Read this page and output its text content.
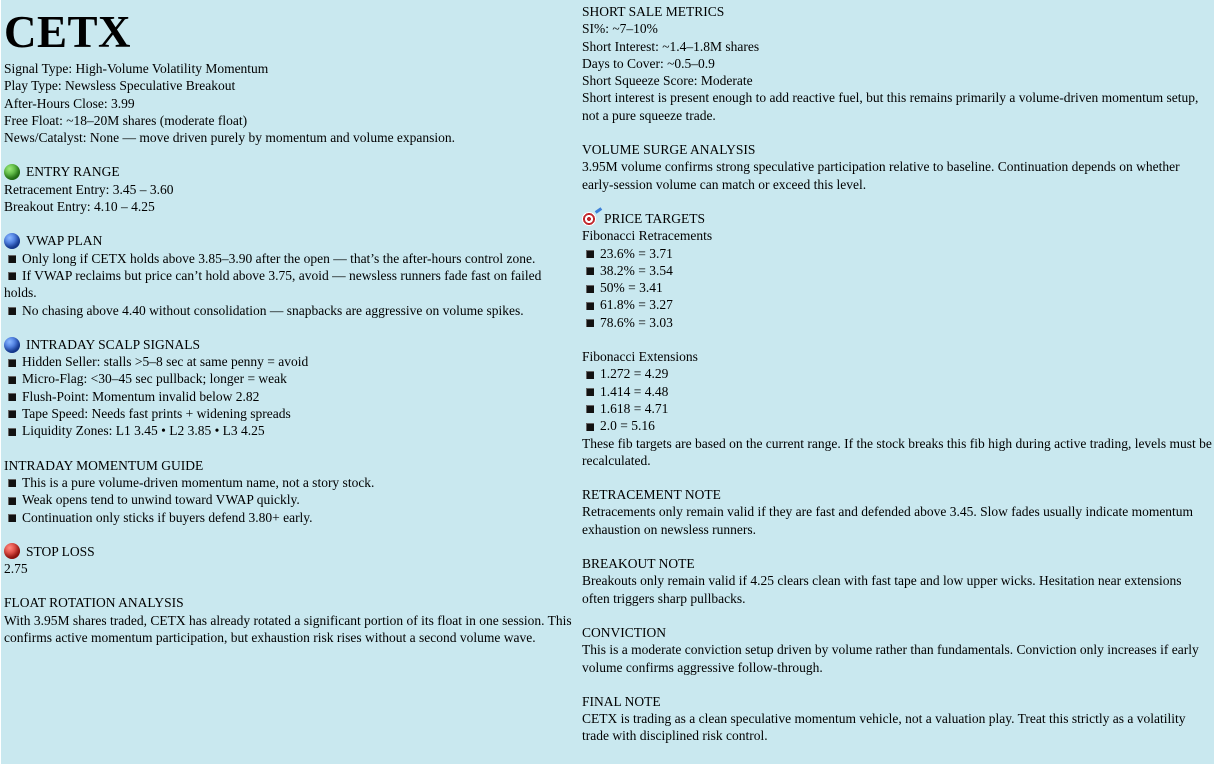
CETX
Signal Type: High-Volume Volatility Momentum
Play Type: Newsless Speculative Breakout
After-Hours Close: 3.99
Free Float: ~18–20M shares (moderate float)
News/Catalyst: None — move driven purely by momentum and volume expansion.
ENTRY RANGE
Retracement Entry: 3.45 – 3.60
Breakout Entry: 4.10 – 4.25
VWAP PLAN
Only long if CETX holds above 3.85–3.90 after the open — that’s the after-hours control zone.
If VWAP reclaims but price can’t hold above 3.75, avoid — newsless runners fade fast on failed holds.
No chasing above 4.40 without consolidation — snapbacks are aggressive on volume spikes.
INTRADAY SCALP SIGNALS
Hidden Seller: stalls >5–8 sec at same penny = avoid
Micro-Flag: <30–45 sec pullback; longer = weak
Flush-Point: Momentum invalid below 2.82
Tape Speed: Needs fast prints + widening spreads
Liquidity Zones: L1 3.45 • L2 3.85 • L3 4.25
INTRADAY MOMENTUM GUIDE
This is a pure volume-driven momentum name, not a story stock.
Weak opens tend to unwind toward VWAP quickly.
Continuation only sticks if buyers defend 3.80+ early.
STOP LOSS
2.75
FLOAT ROTATION ANALYSIS
With 3.95M shares traded, CETX has already rotated a significant portion of its float in one session. This confirms active momentum participation, but exhaustion risk rises without a second volume wave.
SHORT SALE METRICS
SI%: ~7–10%
Short Interest: ~1.4–1.8M shares
Days to Cover: ~0.5–0.9
Short Squeeze Score: Moderate
Short interest is present enough to add reactive fuel, but this remains primarily a volume-driven momentum setup, not a pure squeeze trade.
VOLUME SURGE ANALYSIS
3.95M volume confirms strong speculative participation relative to baseline. Continuation depends on whether early-session volume can match or exceed this level.
PRICE TARGETS
Fibonacci Retracements
23.6% = 3.71
38.2% = 3.54
50% = 3.41
61.8% = 3.27
78.6% = 3.03
Fibonacci Extensions
1.272 = 4.29
1.414 = 4.48
1.618 = 4.71
2.0 = 5.16
These fib targets are based on the current range. If the stock breaks this fib high during active trading, levels must be recalculated.
RETRACEMENT NOTE
Retracements only remain valid if they are fast and defended above 3.45. Slow fades usually indicate momentum exhaustion on newsless runners.
BREAKOUT NOTE
Breakouts only remain valid if 4.25 clears clean with fast tape and low upper wicks. Hesitation near extensions often triggers sharp pullbacks.
CONVICTION
This is a moderate conviction setup driven by volume rather than fundamentals. Conviction only increases if early volume confirms aggressive follow-through.
FINAL NOTE
CETX is trading as a clean speculative momentum vehicle, not a valuation play. Treat this strictly as a volatility trade with disciplined risk control.
